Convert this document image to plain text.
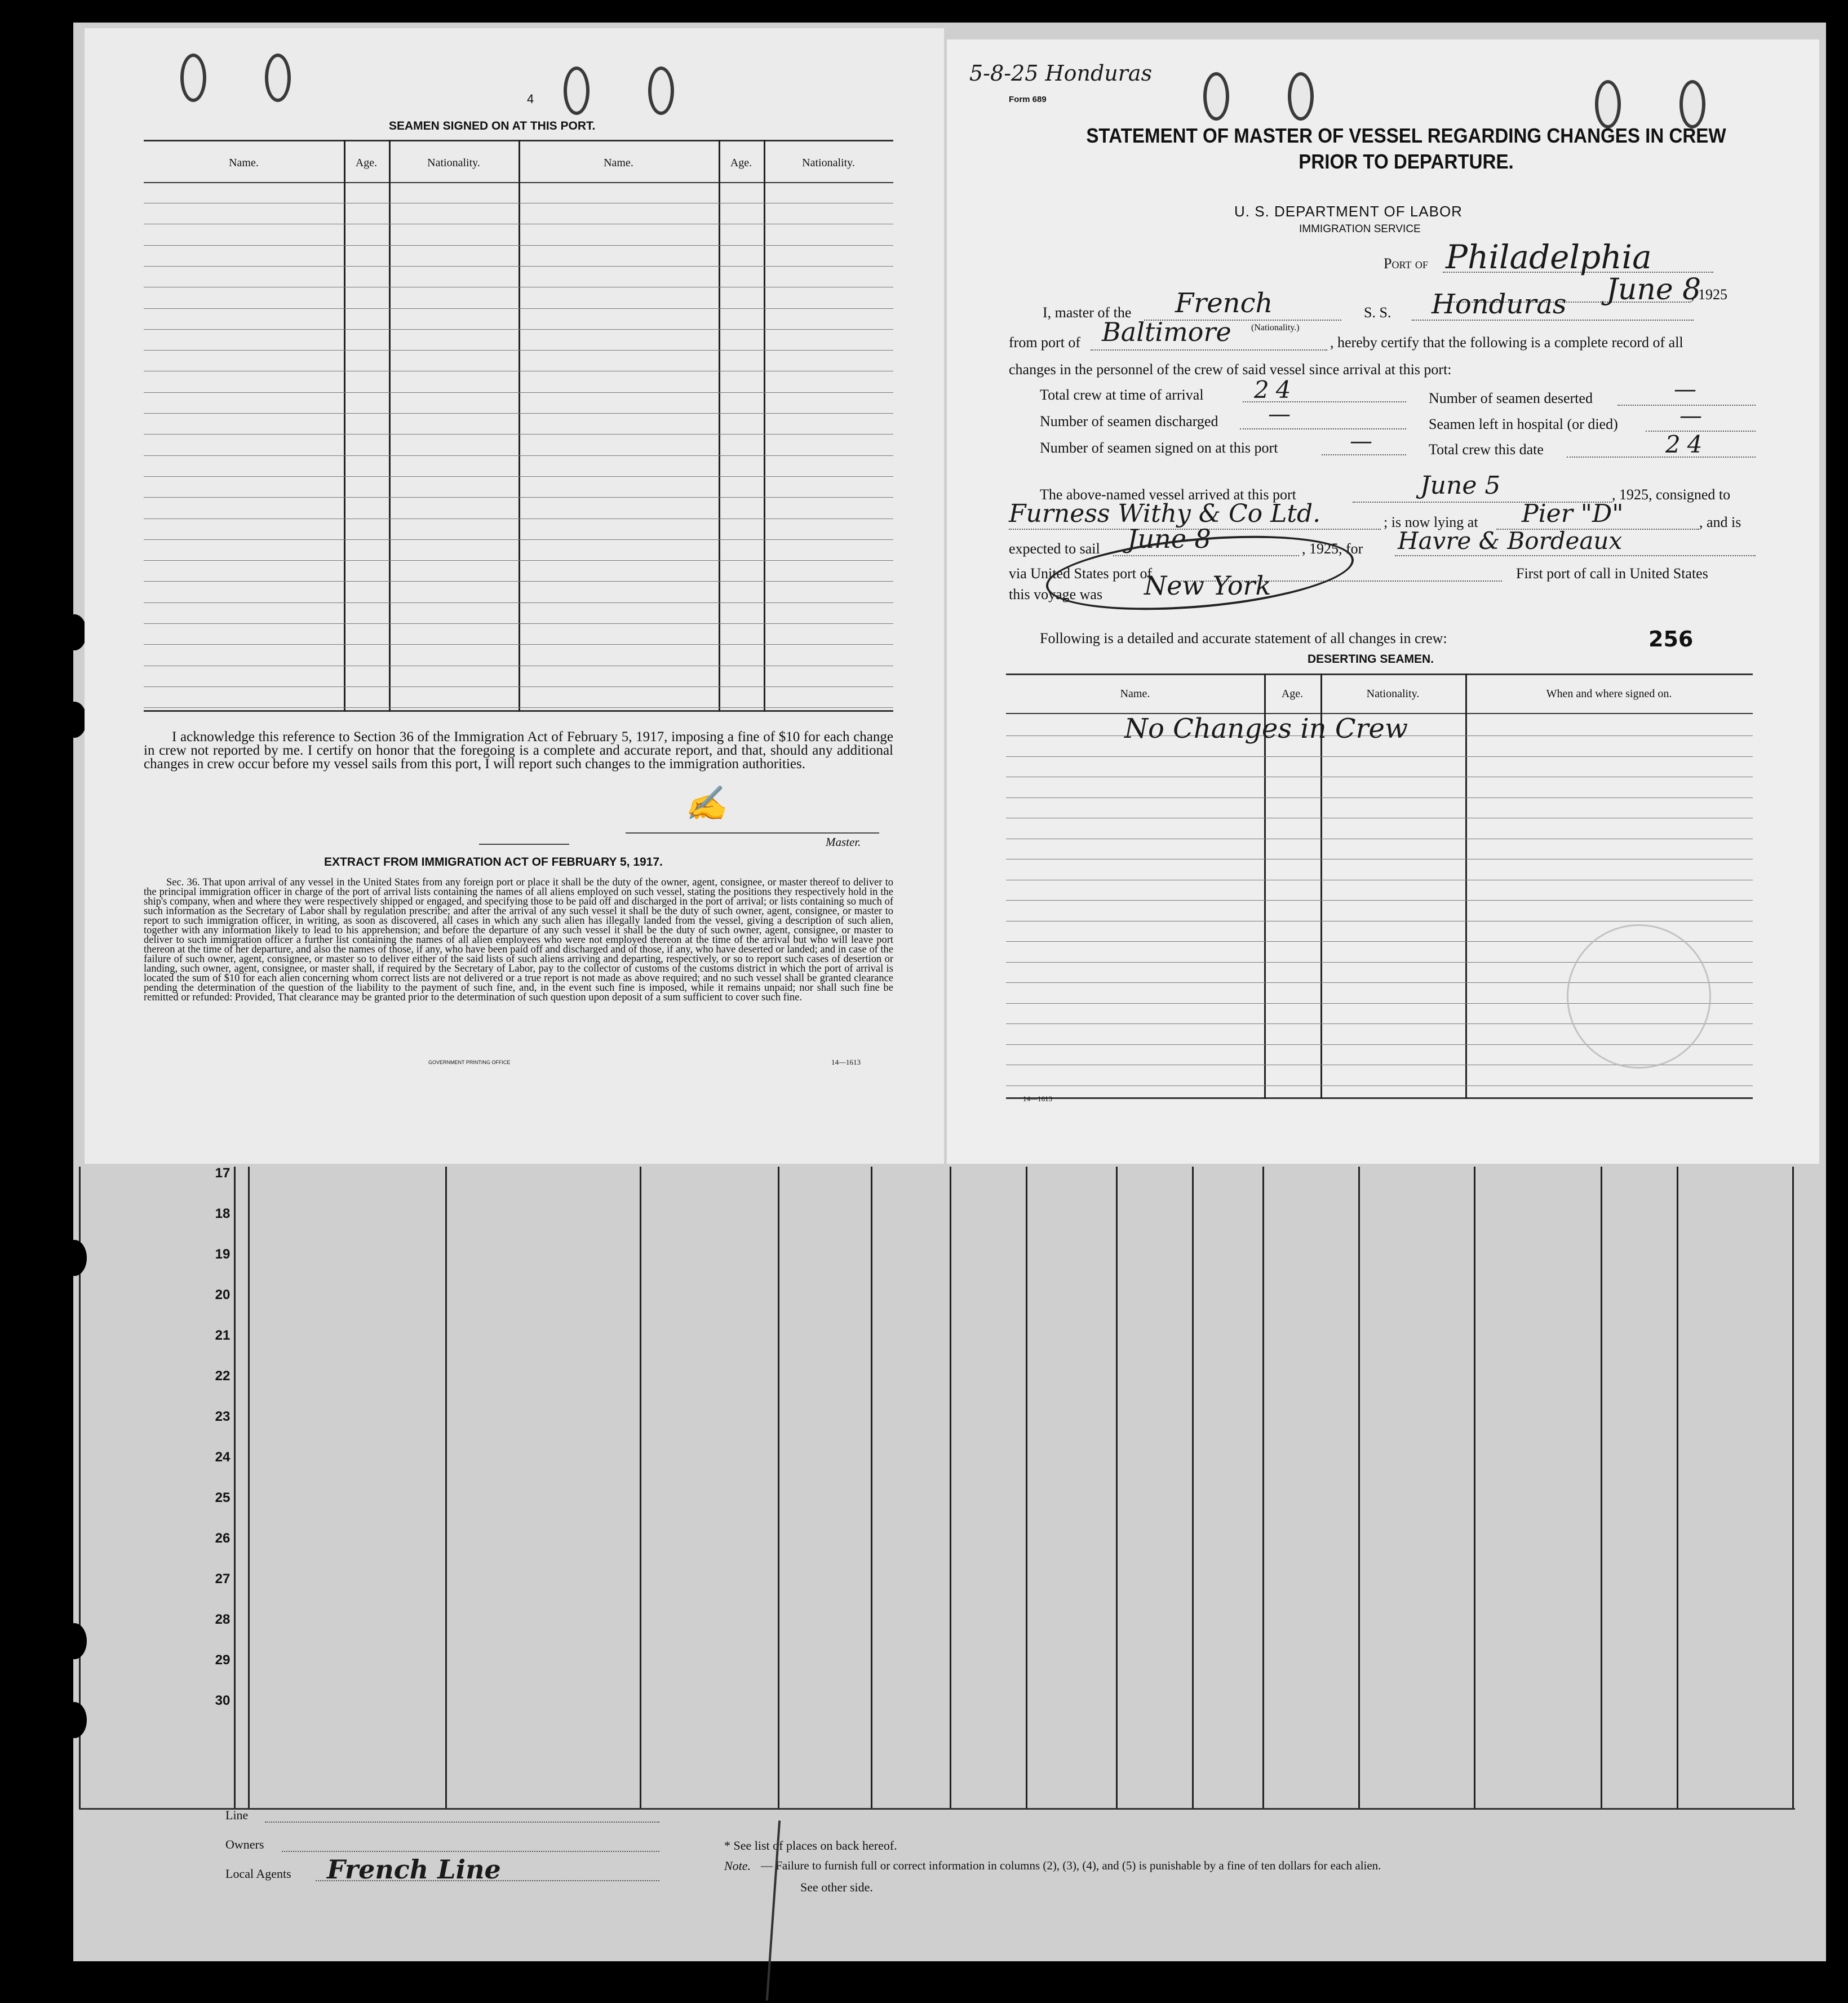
17
18
19
20
21
22
23
24
25
26
27
28
29
30
Line
Owners
Local Agents French Line
* See list of places on back hereof.
Note. — Failure to furnish full or correct information in columns (2), (3), (4), and (5) is punishable by a fine of ten dollars for each alien.
See other side.
4
SEAMEN SIGNED ON AT THIS PORT.
Name.	Age.	Nationality.	Name.	Age.	Nationality.
I acknowledge this reference to Section 36 of the Immigration Act of February 5, 1917, imposing a fine of $10 for each change in crew not reported by me. I certify on honor that the foregoing is a complete and accurate report, and that, should any additional changes in crew occur before my vessel sails from this port, I will report such changes to the immigration authorities.
✍
Master.
EXTRACT FROM IMMIGRATION ACT OF FEBRUARY 5, 1917.
Sec. 36. That upon arrival of any vessel in the United States from any foreign port or place it shall be the duty of the owner, agent, consignee, or master thereof to deliver to the principal immigration officer in charge of the port of arrival lists containing the names of all aliens employed on such vessel, stating the positions they respectively hold in the ship's company, when and where they were respectively shipped or engaged, and specifying those to be paid off and discharged in the port of arrival; or lists containing so much of such information as the Secretary of Labor shall by regulation prescribe; and after the arrival of any such vessel it shall be the duty of such owner, agent, consignee, or master to report to such immigration officer, in writing, as soon as discovered, all cases in which any such alien has illegally landed from the vessel, giving a description of such alien, together with any information likely to lead to his apprehension; and before the departure of any such vessel it shall be the duty of such owner, agent, consignee, or master to deliver to such immigration officer a further list containing the names of all alien employees who were not employed thereon at the time of the arrival but who will leave port thereon at the time of her departure, and also the names of those, if any, who have been paid off and discharged and of those, if any, who have deserted or landed; and in case of the failure of such owner, agent, consignee, or master so to deliver either of the said lists of such aliens arriving and departing, respectively, or so to report such cases of desertion or landing, such owner, agent, consignee, or master shall, if required by the Secretary of Labor, pay to the collector of customs of the customs district in which the port of arrival is located the sum of $10 for each alien concerning whom correct lists are not delivered or a true report is not made as above required; and no such vessel shall be granted clearance pending the determination of the question of the liability to the payment of such fine, and, in the event such fine is imposed, while it remains unpaid; nor shall such fine be remitted or refunded: Provided, That clearance may be granted prior to the determination of such question upon deposit of a sum sufficient to cover such fine.
GOVERNMENT PRINTING OFFICE	14—1613
5-8-25 Honduras
Form 689
STATEMENT OF MASTER OF VESSEL REGARDING CHANGES IN CREW
PRIOR TO DEPARTURE.
U. S. DEPARTMENT OF LABOR
IMMIGRATION SERVICE
Port of Philadelphia
June 8
, 1925
I, master of the French
(Nationality.)
S. S. Honduras
from port of Baltimore	, hereby certify that the following is a complete record of all
changes in the personnel of the crew of said vessel since arrival at this port:
Total crew at time of arrival 24
Number of seamen discharged —
Number of seamen signed on at this port	—
Number of seamen deserted	—
Seamen left in hospital (or died)	—
Total crew this date	24
The above-named vessel arrived at this port	June 5	, 1925, consigned to
Furness Withy & Co Ltd.	; is now lying at Pier "D"	, and is
expected to sail June 8	, 1925, for Havre & Bordeaux
via United States port of	First port of call in United States
this voyage was New York
Following is a detailed and accurate statement of all changes in crew:	256
DESERTING SEAMEN.
Name.	Age.	Nationality.	When and where signed on.
No Changes in Crew
14—1613
